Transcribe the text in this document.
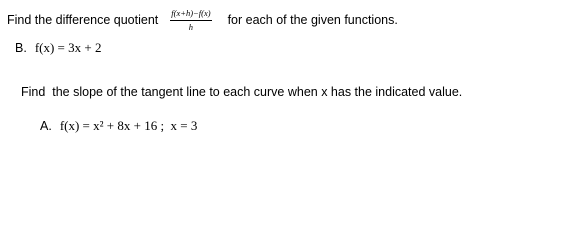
Find the difference quotient $\frac{f(x+h)-f(x)}{h}$ for each of the given functions.
B. f(x) = 3x + 2
Find  the slope of the tangent line to each curve when x has the indicated value.
A. f(x) = x² + 8x + 16 ;  x = 3
